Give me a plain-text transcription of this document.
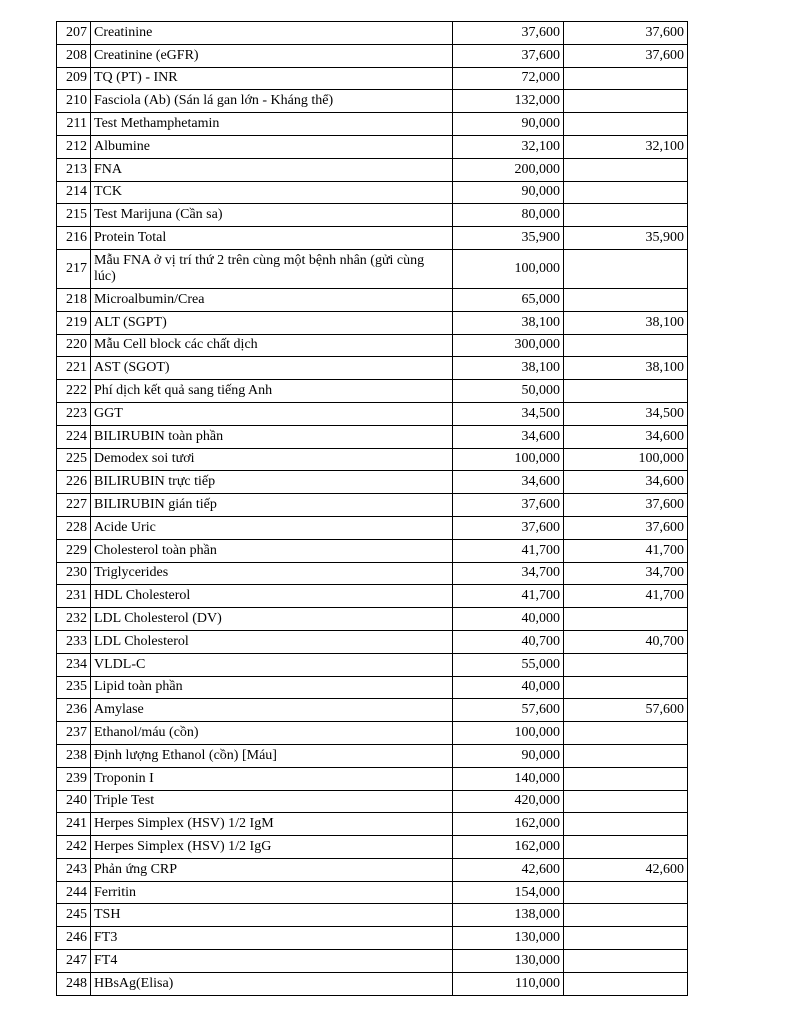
207	Creatinine	37,600	37,600
208	Creatinine (eGFR)	37,600	37,600
209	TQ (PT) - INR	72,000	
210	Fasciola (Ab) (Sán lá gan lớn - Kháng thể)	132,000	
211	Test Methamphetamin	90,000	
212	Albumine	32,100	32,100
213	FNA	200,000	
214	TCK	90,000	
215	Test Marijuna (Cần sa)	80,000	
216	Protein Total	35,900	35,900
217	Mẫu FNA ở vị trí thứ 2 trên cùng một bệnh nhân (gửi cùng lúc)	100,000	
218	Microalbumin/Crea	65,000	
219	ALT (SGPT)	38,100	38,100
220	Mẫu Cell block các chất dịch	300,000	
221	AST (SGOT)	38,100	38,100
222	Phí dịch kết quả sang tiếng Anh	50,000	
223	GGT	34,500	34,500
224	BILIRUBIN toàn phần	34,600	34,600
225	Demodex soi tươi	100,000	100,000
226	BILIRUBIN trực tiếp	34,600	34,600
227	BILIRUBIN gián tiếp	37,600	37,600
228	Acide Uric	37,600	37,600
229	Cholesterol toàn phần	41,700	41,700
230	Triglycerides	34,700	34,700
231	HDL Cholesterol	41,700	41,700
232	LDL Cholesterol (DV)	40,000	
233	LDL Cholesterol	40,700	40,700
234	VLDL-C	55,000	
235	Lipid toàn phần	40,000	
236	Amylase	57,600	57,600
237	Ethanol/máu (cồn)	100,000	
238	Định lượng Ethanol (cồn) [Máu]	90,000	
239	Troponin I	140,000	
240	Triple Test	420,000	
241	Herpes Simplex (HSV) 1/2 IgM	162,000	
242	Herpes Simplex (HSV) 1/2 IgG	162,000	
243	Phản ứng CRP	42,600	42,600
244	Ferritin	154,000	
245	TSH	138,000	
246	FT3	130,000	
247	FT4	130,000	
248	HBsAg(Elisa)	110,000	
